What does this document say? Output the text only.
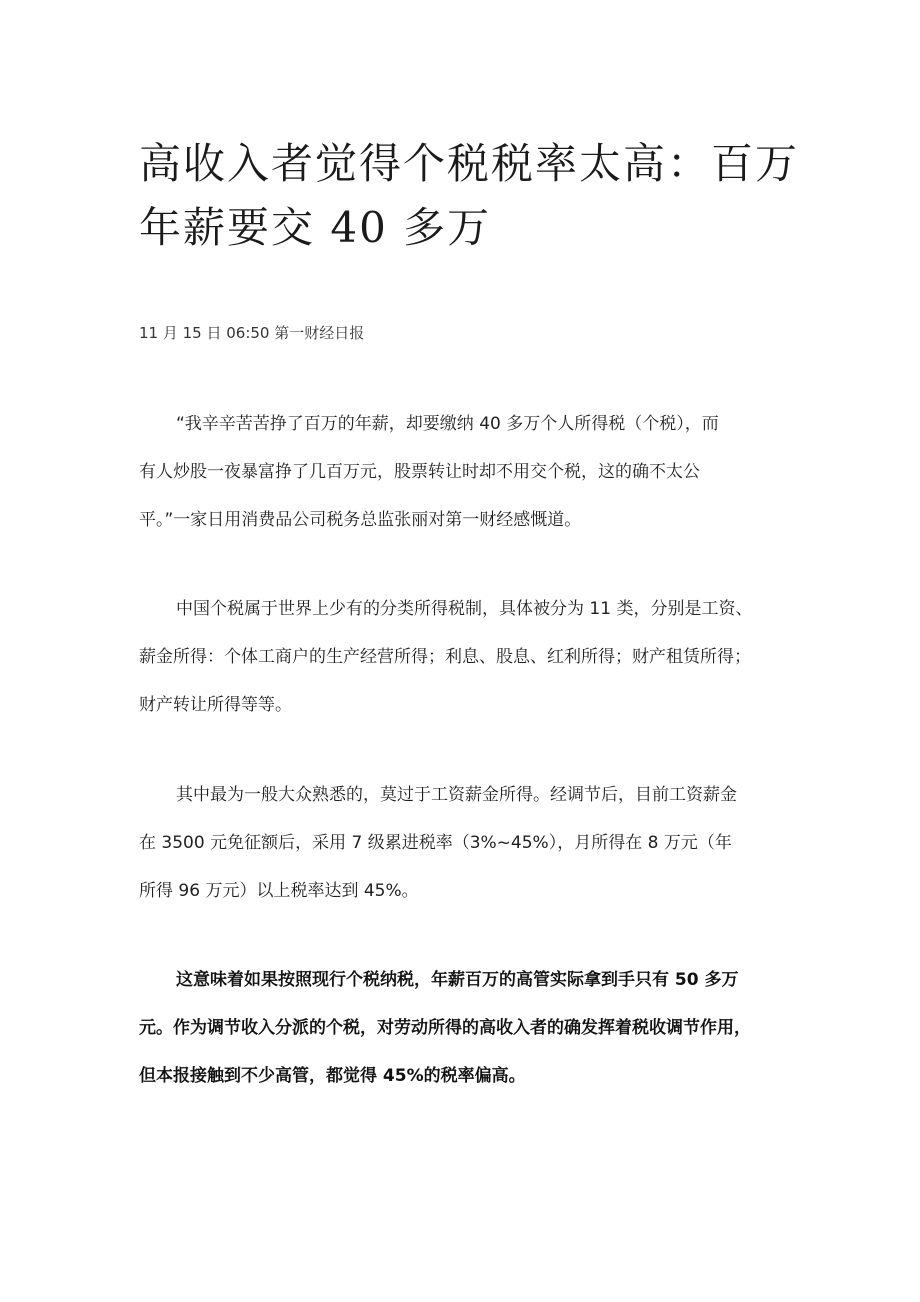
高收入者觉得个税税率太高：百万
年薪要交 40 多万
11 月 15 日 06:50 第一财经日报
“我辛辛苦苦挣了百万的年薪，却要缴纳 40 多万个人所得税（个税），而
有人炒股一夜暴富挣了几百万元，股票转让时却不用交个税，这的确不太公
平。”一家日用消费品公司税务总监张丽对第一财经感慨道。
中国个税属于世界上少有的分类所得税制，具体被分为 11 类，分别是工资、
薪金所得：个体工商户的生产经营所得；利息、股息、红利所得；财产租赁所得；
财产转让所得等等。
其中最为一般大众熟悉的，莫过于工资薪金所得。经调节后，目前工资薪金
在 3500 元免征额后，采用 7 级累进税率（3%~45%），月所得在 8 万元（年
所得 96 万元）以上税率达到 45%。
这意味着如果按照现行个税纳税，年薪百万的高管实际拿到手只有 50 多万
元。作为调节收入分派的个税，对劳动所得的高收入者的确发挥着税收调节作用，
但本报接触到不少高管，都觉得 45%的税率偏高。
